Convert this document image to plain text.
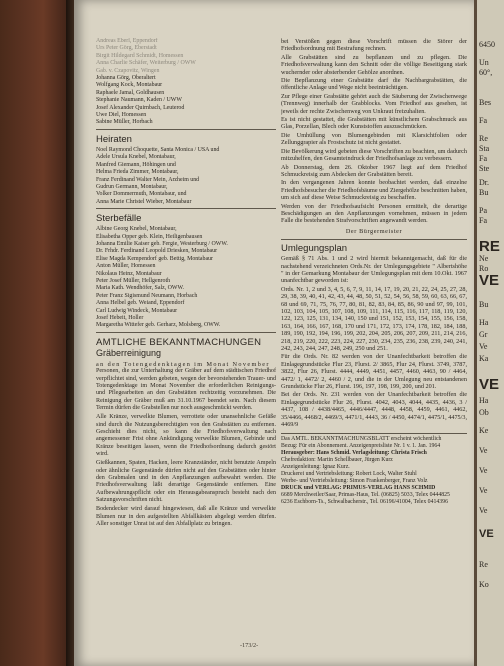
Andreas Eberl, Eppendorf
Urs Peter Görg, Eberstadt
Birgit Hildegard Schmidt, Homessen
Anna Charlie Schäfer, Weiterburg / OWW
Gab. v. Czapovitz, Wingen
Johanna Görg, Oberaltert
Wolfgang Kock, Montabaur
Raphaele Jamal, Goldhausen
Stephanie Naumann, Kaden / UWW
Josef Alexander Quirnbach, Leuterod
Uwe Diel, Homessen
Sabine Müller, Horbach
Heiraten
Noel Raymond Choquette, Santa Monica / USA und
Adele Ursula Knebel, Montabaur,
Manfred Giemann, Höhingen und
Helma Frieda Zimmer, Montabaur,
Franz Ferdinand Walter Mein, Arzheim und
Gudrun Germann, Montabaur,
Volker Dommermuth, Montabaur, und
Anna Marie Christel Wieber, Montabaur
Sterbefälle
Albine Georg Knebel, Montabaur,
Elisabetha Opper geb. Klein, Heiligenbausen
Johanna Emilie Kaiser geb. Fergie, Westerburg / OWW.
Dr. Frhdr. Ferdinand Leopold Driesken, Montabaur
Elise Magda Kempendorf geb. Bettig, Montabaur
Anton Müller, Homessen
Nikolaus Heinz, Montabaur
Peter Josef Müller, Hellgenroth
Maria Kath. Wendhöfer, Salz, OWW.
Peter Franz Sigismund Neumann, Horbach
Anna Helbel geb. Weiand, Eppendorf
Carl Ludwig Windeck, Montabaur
Josef Hebeit, Holler
Margaretha Wittefer geb. Gerharz, Molsberg, OWW.
AMTLICHE BEKANNTMACHUNGEN
Gräberreinigung
an den Totengedenktagen im Monat November
Personen, die zur Unterhaltung der Gräber auf dem städtischen Friedhof verpflichtet sind, werden gebeten, wegen der bevorstehenden Trauer- und Totengedenktage im Monat November die erforderlichen Reinigungs- und Pflegearbeiten an den Grabstätten rechtzeitig vorzunehmen. Die Reinigung der Gräber muß am 31.10.1967 beendet sein. Nach diesem Termin dürfen die Grabstellen nur noch ausgeschmückt werden.
Alle Kränze, verwelkte Blumen, verrottete oder unansehnliche Gefäße sind durch die Nutzungsberechtigten von den Grabstätten zu entfernen. Geschieht dies nicht, so kann die Friedhofsverwaltung nach angemessener Frist ohne Ankündigung verwelkte Blumen, Gebinde und Kränze beseitigen lassen, wenn die Friedhofsordnung dadurch gestört wird.
Gießkannen, Spaten, Hacken, leere Kranzständer, nicht benutzte Ampeln oder ähnliche Gegenstände dürfen nicht auf den Grabstätten oder hinter den Grabmalen und in den Anpflanzungen aufbewahrt werden. Die Friedhofsverwaltung läßt derartige Gegenstände entfernen. Eine Aufbewahrungspflicht oder ein Herausgabeanspruch besteht nach den Satzungsvorschriften nicht.
Bodendecker wird darauf hingewiesen, daß alle Kränze und verwelkte Blumen nur in den aufgestellten Abfallkästen abgelegt werden dürfen. Aller sonstiger Unrat ist auf den Abfallplatz zu bringen.
bei Verstößen gegen diese Vorschrift müssen die Störer der Friedhofsordnung mit Bestrafung rechnen.
Alle Grabstätten sind zu bepflanzen und zu pflegen. Die Friedhofsverwaltung kann den Schnitt oder die völlige Beseitigung stark wuchernder oder absterbender Gehölze anordnen.
Die Bepflanzung einer Grabstätte darf die Nachbargrabstätten, die öffentliche Anlage und Wege nicht beeinträchtigen.
Zur Pflege einer Grabstätte gehört auch die Säuberung der Zwischenwege (Trennweg) innerhalb der Grabblocks. Vom Friedhof aus gesehen, ist jeweils der rechte Zwischenweg von Unkraut freizuhalten.
Es ist nicht gestattet, die Grabstätten mit künstlichem Grabschmuck aus Glas, Porzellan, Blech oder Kunststoffen auszuschmücken.
Die Umhüllung von Blumengebinden mit Klarsichtfolien oder Zellunggrapier als Frostschutz ist nicht gestattet.
Die Bevölkerung wird gebeten diese Vorschriften zu beachten, um dadurch mitzuhelfen, den Gesamteindruck der Friedhofsanlage zu verbessern.
Ab Donnerstag, dem 26. Oktober 1967 liegt auf dem Friedhof Schmuckreisig zum Abdecken der Grabstätten bereit.
In den vergangenen Jahren konnte beobachtet werden, daß einzelne Friedhofsbesucher die Friedhofsbäume und Ziergehölze beschnitten haben, um sich auf diese Weise Schmuckreisig zu beschaffen.
Werden von der Friedhofsaufsicht Personen ermittelt, die derartige Beschädigungen an den Anpflanzungen vornehmen, müssen in jedem Falle die bestehenden Strafvorschriften angewandt werden.
Der Bürgermeister
Umlegungsplan
Gemäß § 71 Abs. 1 und 2 wird hiermit bekanntgemacht, daß für die nachstehend verzeichneten Ords.Nr. der Umlegungsgebiete " Albertshöhe " in der Gemarkung Montabaur der Umlegungsplan mit dem 10.Okt. 1967 unanfechtbar geworden ist:
Ords. Nr. 1, 2 und 3, 4, 5, 6, 7, 9, 11, 14, 17, 19, 20, 21, 22, 24, 25, 27, 28, 29, 38, 39, 40, 41, 42, 43, 44, 48, 50, 51, 52, 54, 56, 58, 59, 60, 63, 66, 67, 68 und 69, 71, 75, 76, 77, 80, 81, 82, 83, 84, 85, 86, 90 und 97, 99, 101, 102, 103, 104, 105, 107, 108, 109, 111, 114, 115, 116, 117, 118, 119, 120, 122, 123, 125, 131, 134, 140, 150 und 151, 152, 153, 154, 155, 156, 158, 163, 164, 166, 167, 168, 170 und 171, 172, 173, 174, 178, 182, 184, 188, 189, 190, 192, 194, 196, 199, 202, 204, 205, 206, 207, 209, 211, 214, 216, 218, 219, 220, 222, 223, 224, 227, 230, 234, 235, 236, 238, 239, 240, 241, 242, 243, 244, 247, 248, 249, 250 und 251.
Für die Ords. Nr. 82 werden von der Unanfechtbarkeit betroffen die Einlagegrundstücke Flur 23, Flurst. 2/ 3865, Flur 24, Flurst. 3749, 3787, 3822, Flur 26, Flurst. 4444, 4449, 4451, 4457, 4460, 4463, 90 / 4464, 4472/ 1, 4472/ 2, 4460 / 2, und die in der Umlegung neu entstandenen Grundstücke Flur 26, Flurst. 196, 197, 198, 199, 200, und 201.
Bei der Ords. Nr. 231 werden von der Unanfechtbarkeit betroffen die Einlagegrundstücke Flur 26, Flurst. 4042, 4043, 4044, 4435, 4436, 3 / 4437, 108 / 4438/4465, 4446/4447, 4448, 4458, 4459, 4461, 4462, 35/4466, 4468/2, 4469/3, 4471/1, 4443, 36 / 4450, 4474/1, 4475/1, 4475/3, 4469/9
Das AMTL. BEKANNTMACHUNGSBLATT erscheint wöchentlich
Bezug: Für ein Abonnement. Anzeigenpreisliste Nr. 1 v. 1. Jan. 1964
Herausgeber: Hans Schmid. Verlagsleitung: Christa Frisch
Chefredaktion: Martin Schellbauer, Jürgen Kurz
Anzeigenleitung: Ignaz Kurz.
Druckerei und Vertriebsleitung: Robert Lock, Walter Stuhl
Werbe- und Vertriebsleitung: Simon Frankenberger, Franz Volz
DRUCK und VERLAG: PRIMUS-VERLAG HANS SCHMID
6689 Merchweiler/Saar, Primas-Haus, Tel. (06825) 5033, Telex 0444825
6236 Eschborn-Ts., Schwalbacherstr., Tel. 06196/41004, Telex 0414396
-173/2-
6450
Un
60°,
Bes
Fa
Re
Sta
Fa
Ste
Dr.
Bu
Pa
Fa
RE
Ne
Ro
VE
Bu
Ha
Gr
Ve
Ka
VE
Ha
Ob
Ke
Ve
Ve
Ve
Ve
VE
Re
Ko
